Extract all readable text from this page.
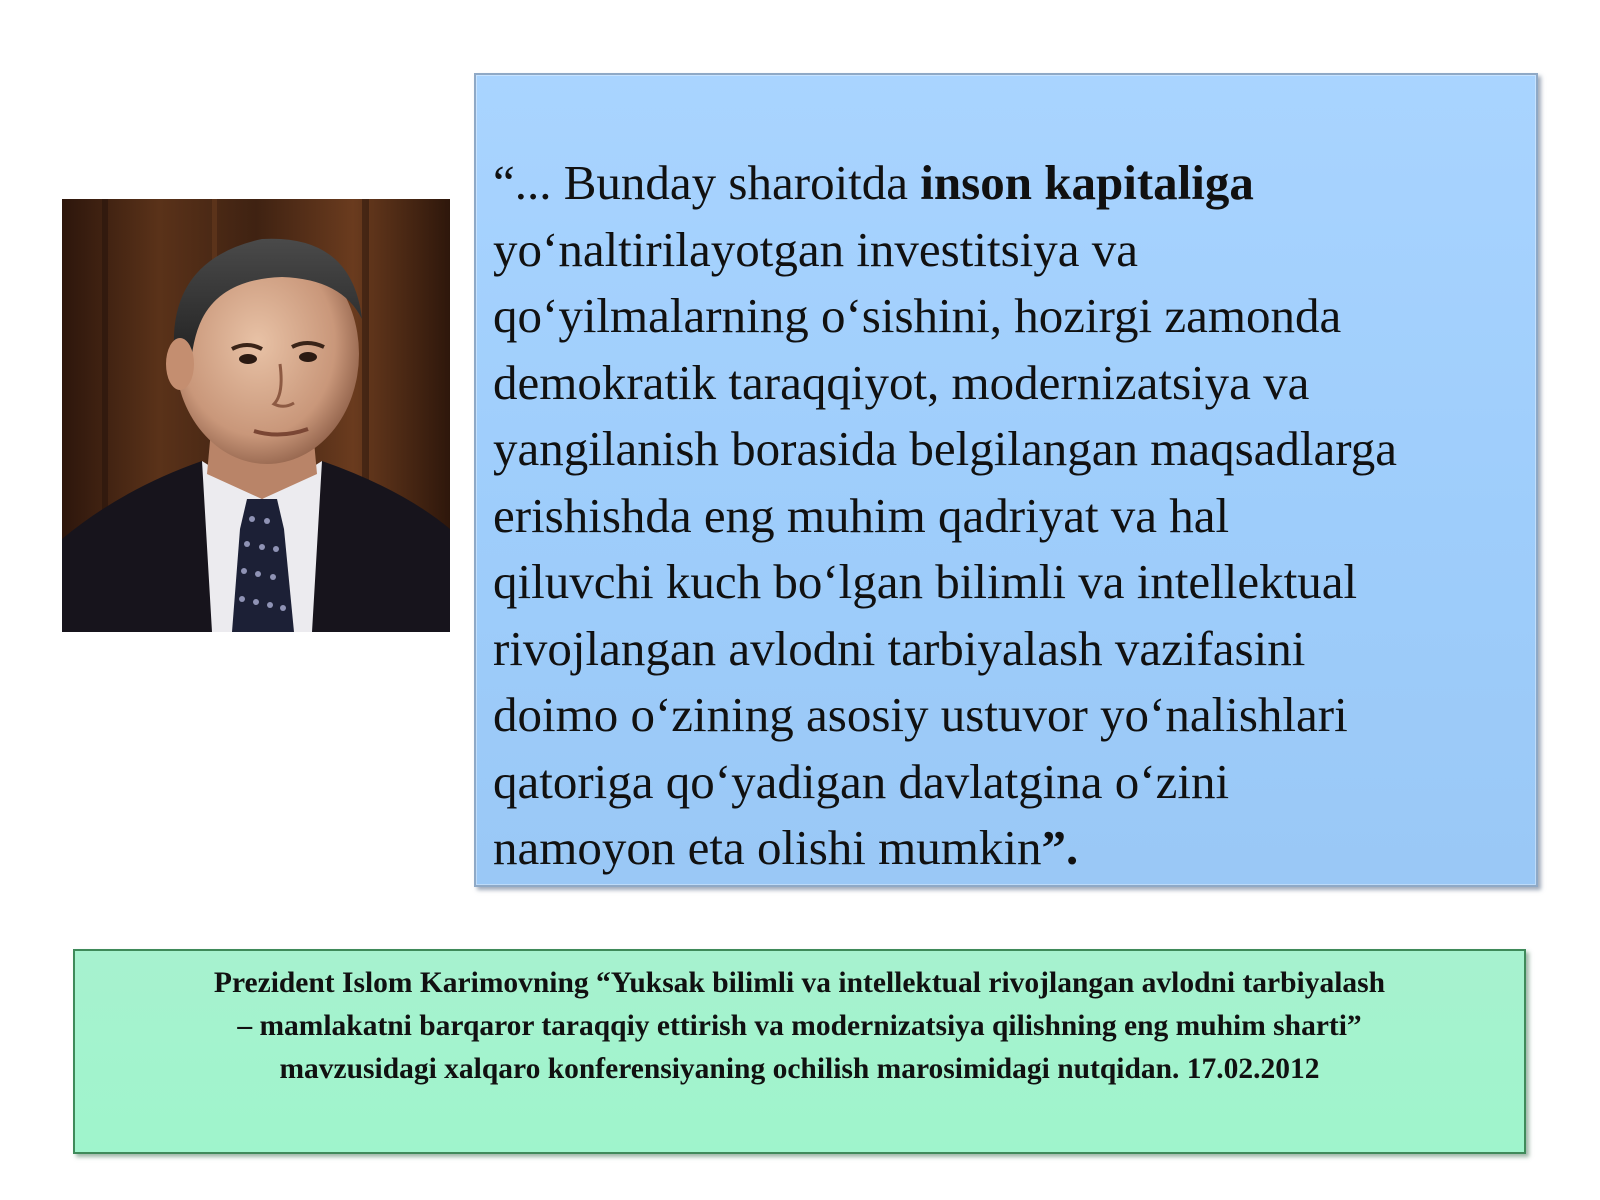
“... Bunday sharoitda inson kapitaliga
yo‘naltirilayotgan investitsiya va
qo‘yilmalarning o‘sishini, hozirgi zamonda
demokratik taraqqiyot, modernizatsiya va
yangilanish borasida belgilangan maqsadlarga
erishishda eng muhim qadriyat va hal
qiluvchi kuch bo‘lgan bilimli va intellektual
rivojlangan avlodni tarbiyalash vazifasini
doimo o‘zining asosiy ustuvor yo‘nalishlari
qatoriga qo‘yadigan davlatgina o‘zini
namoyon eta olishi mumkin”.

Prezident Islom Karimovning “Yuksak bilimli va intellektual rivojlangan avlodni tarbiyalash
– mamlakatni barqaror taraqqiy ettirish va modernizatsiya qilishning eng muhim sharti”
mavzusidagi xalqaro konferensiyaning ochilish marosimidagi nutqidan. 17.02.2012
